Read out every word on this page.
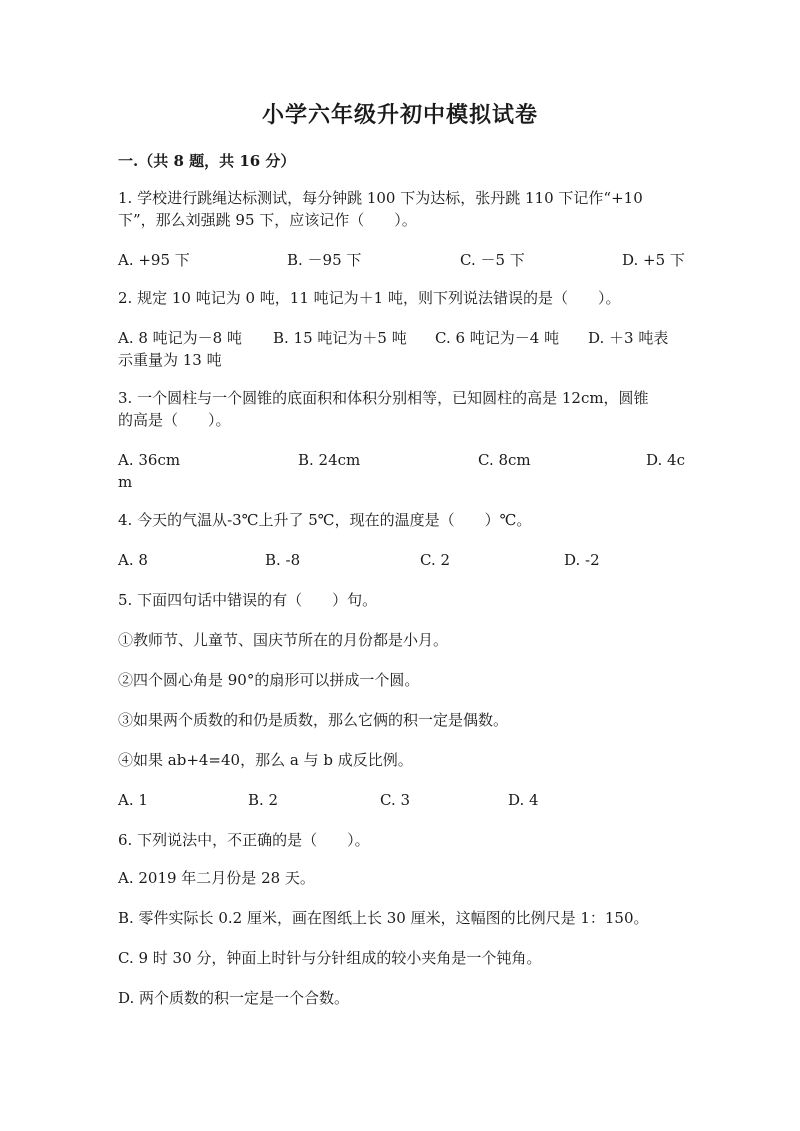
小学六年级升初中模拟试卷
一.（共 8 题，共 16 分）
1. 学校进行跳绳达标测试，每分钟跳 100 下为达标，张丹跳 110 下记作“+10
下”，那么刘强跳 95 下，应该记作（　　）。
A. +95 下	B. －95 下	C. －5 下	D. +5 下
2. 规定 10 吨记为 0 吨，11 吨记为＋1 吨，则下列说法错误的是（　　）。
A. 8 吨记为－8 吨 B. 15 吨记为＋5 吨 C. 6 吨记为－4 吨 D. ＋3 吨表
示重量为 13 吨
3. 一个圆柱与一个圆锥的底面积和体积分别相等，已知圆柱的高是 12cm，圆锥
的高是（　　）。
A. 36cm	B. 24cm	C. 8cm	D. 4c
m
4. 今天的气温从-3℃上升了 5℃，现在的温度是（　　）℃。
A. 8	B. -8	C. 2	D. -2
5. 下面四句话中错误的有（　　）句。
①教师节、儿童节、国庆节所在的月份都是小月。
②四个圆心角是 90°的扇形可以拼成一个圆。
③如果两个质数的和仍是质数，那么它俩的积一定是偶数。
④如果 ab+4=40，那么 a 与 b 成反比例。
A. 1	B. 2	C. 3	D. 4
6. 下列说法中，不正确的是（　　）。
A. 2019 年二月份是 28 天。
B. 零件实际长 0.2 厘米，画在图纸上长 30 厘米，这幅图的比例尺是 1：150。
C. 9 时 30 分，钟面上时针与分针组成的较小夹角是一个钝角。
D. 两个质数的积一定是一个合数。
